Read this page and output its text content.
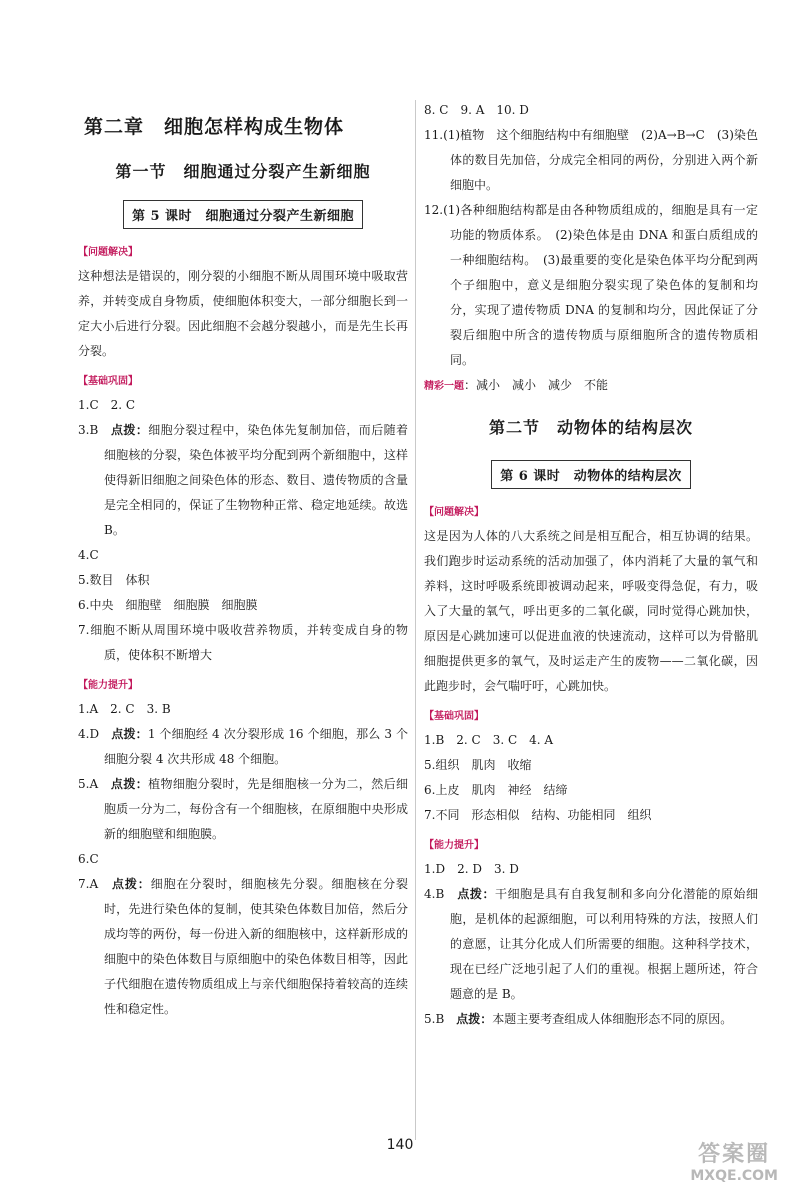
第二章　细胞怎样构成生物体
第一节　细胞通过分裂产生新细胞
第 5 课时　细胞通过分裂产生新细胞
【问题解决】

这种想法是错误的，刚分裂的小细胞不断从周围环境中吸取营养，并转变成自身物质，使细胞体积变大，一部分细胞长到一定大小后进行分裂。因此细胞不会越分裂越小，而是先生长再分裂。

【基础巩固】

1.C　2. C

3.B　点拨：细胞分裂过程中，染色体先复制加倍，而后随着细胞核的分裂，染色体被平均分配到两个新细胞中，这样使得新旧细胞之间染色体的形态、数目、遗传物质的含量是完全相同的，保证了生物物种正常、稳定地延续。故选 B。

4.C

5.数目　体积

6.中央　细胞壁　细胞膜　细胞膜

7.细胞不断从周围环境中吸收营养物质，并转变成自身的物质，使体积不断增大

【能力提升】

1.A　2. C　3. B

4.D　点拨：1 个细胞经 4 次分裂形成 16 个细胞，那么 3 个细胞分裂 4 次共形成 48 个细胞。

5.A　点拨：植物细胞分裂时，先是细胞核一分为二，然后细胞质一分为二，每份含有一个细胞核，在原细胞中央形成新的细胞壁和细胞膜。

6.C

7.A　点拨：细胞在分裂时，细胞核先分裂。细胞核在分裂时，先进行染色体的复制，使其染色体数目加倍，然后分成均等的两份，每一份进入新的细胞核中，这样新形成的细胞中的染色体数目与原细胞中的染色体数目相等，因此子代细胞在遗传物质组成上与亲代细胞保持着较高的连续性和稳定性。

8. C　9. A　10. D

11.(1)植物　这个细胞结构中有细胞壁　(2)A→B→C　(3)染色体的数目先加倍，分成完全相同的两份，分别进入两个新细胞中。

12.(1)各种细胞结构都是由各种物质组成的，细胞是具有一定功能的物质体系。　(2)染色体是由 DNA 和蛋白质组成的一种细胞结构。　(3)最重要的变化是染色体平均分配到两个子细胞中，意义是细胞分裂实现了染色体的复制和均分，实现了遗传物质 DNA 的复制和均分，因此保证了分裂后细胞中所含的遗传物质与原细胞所含的遗传物质相同。

精彩一题：减小　减小　减少　不能

第二节　动物体的结构层次
第 6 课时　动物体的结构层次
【问题解决】

这是因为人体的八大系统之间是相互配合，相互协调的结果。我们跑步时运动系统的活动加强了，体内消耗了大量的氧气和养料，这时呼吸系统即被调动起来，呼吸变得急促，有力，吸入了大量的氧气，呼出更多的二氧化碳，同时觉得心跳加快，原因是心跳加速可以促进血液的快速流动，这样可以为骨骼肌细胞提供更多的氧气，及时运走产生的废物——二氧化碳，因此跑步时，会气喘吁吁，心跳加快。

【基础巩固】

1.B　2. C　3. C　4. A

5.组织　肌肉　收缩

6.上皮　肌肉　神经　结缔

7.不同　形态相似　结构、功能相同　组织

【能力提升】

1.D　2. D　3. D

4.B　点拨：干细胞是具有自我复制和多向分化潜能的原始细胞，是机体的起源细胞，可以利用特殊的方法，按照人们的意愿，让其分化成人们所需要的细胞。这种科学技术，现在已经广泛地引起了人们的重视。根据上题所述，符合题意的是 B。

5.B　点拨：本题主要考查组成人体细胞形态不同的原因。

140	答案圈
MXQE.COM
